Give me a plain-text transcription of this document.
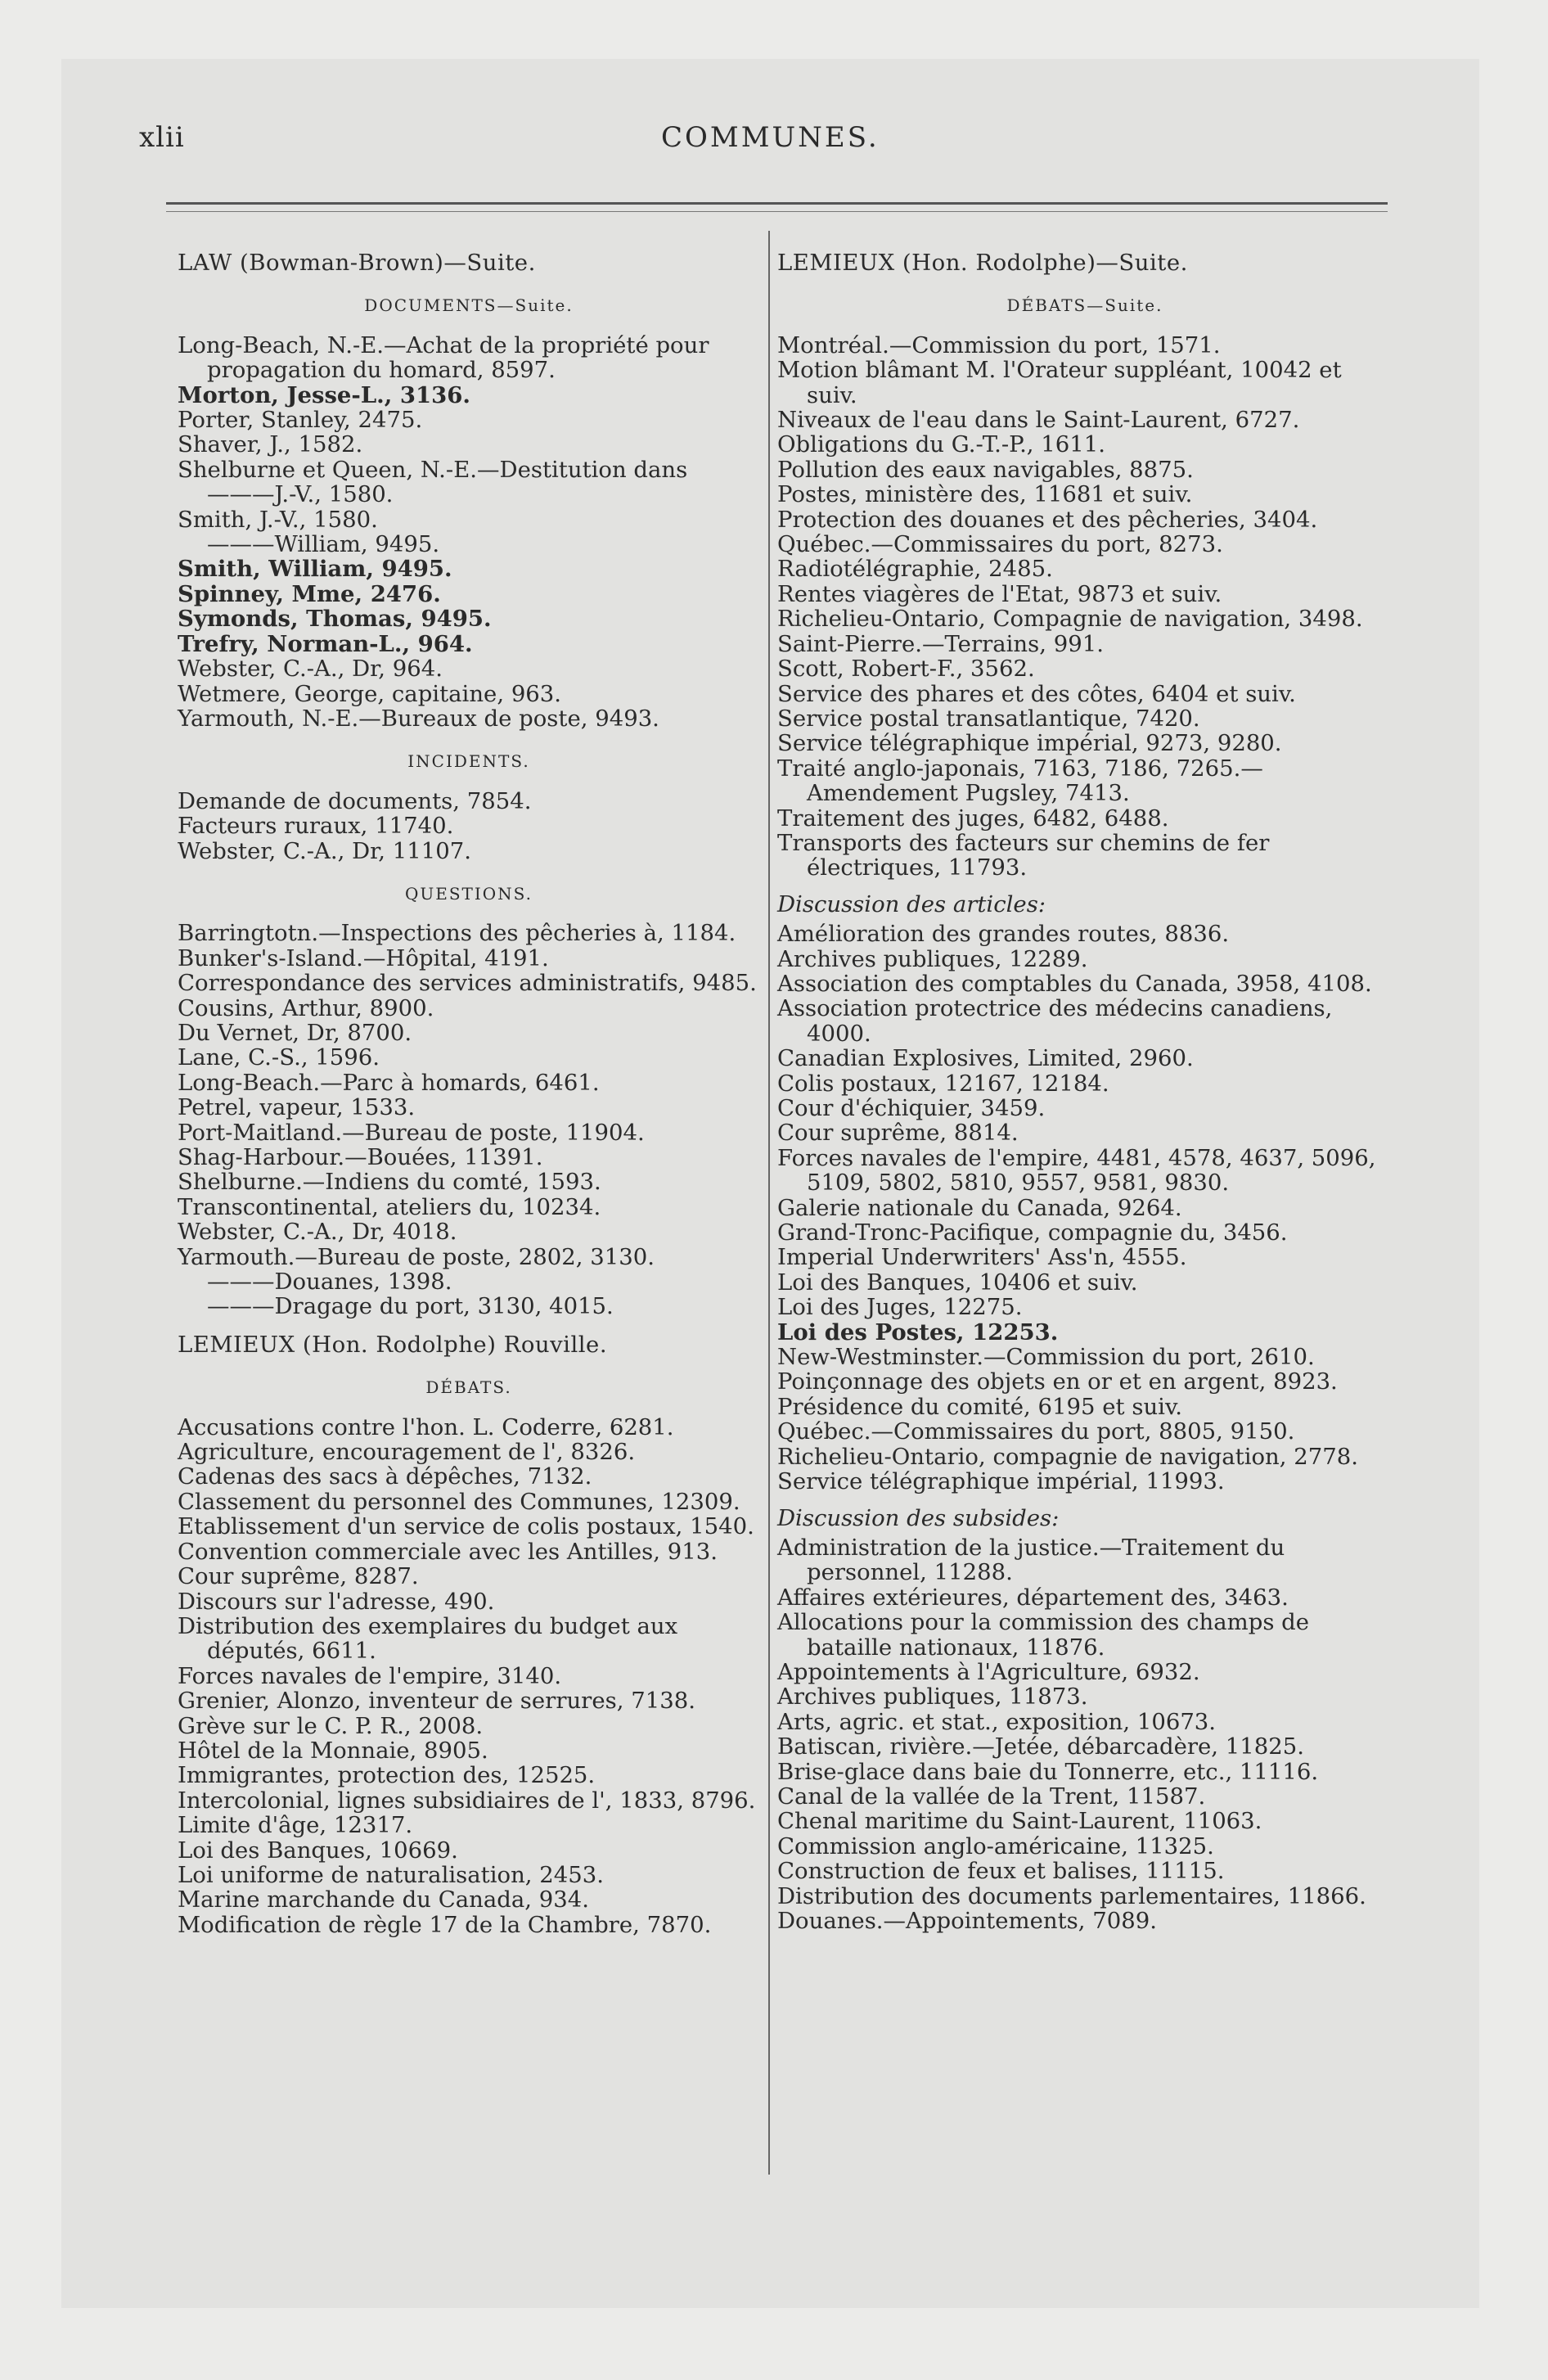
xlii	COMMUNES.

LAW (Bowman-Brown)—Suite.

DOCUMENTS—Suite.

Long-Beach, N.-E.—Achat de la propriété pour propagation du homard, 8597.

Morton, Jesse-L., 3136.

Porter, Stanley, 2475.

Shaver, J., 1582.

Shelburne et Queen, N.-E.—Destitution dans

———J.-V., 1580.

Smith, J.-V., 1580.

———William, 9495.

Smith, William, 9495.

Spinney, Mme, 2476.

Symonds, Thomas, 9495.

Trefry, Norman-L., 964.

Webster, C.-A., Dr, 964.

Wetmere, George, capitaine, 963.

Yarmouth, N.-E.—Bureaux de poste, 9493.

INCIDENTS.

Demande de documents, 7854.

Facteurs ruraux, 11740.

Webster, C.-A., Dr, 11107.

QUESTIONS.

Barringtotn.—Inspections des pêcheries à, 1184.

Bunker's-Island.—Hôpital, 4191.

Correspondance des services administratifs, 9485.

Cousins, Arthur, 8900.

Du Vernet, Dr, 8700.

Lane, C.-S., 1596.

Long-Beach.—Parc à homards, 6461.

Petrel, vapeur, 1533.

Port-Maitland.—Bureau de poste, 11904.

Shag-Harbour.—Bouées, 11391.

Shelburne.—Indiens du comté, 1593.

Transcontinental, ateliers du, 10234.

Webster, C.-A., Dr, 4018.

Yarmouth.—Bureau de poste, 2802, 3130.

———Douanes, 1398.

———Dragage du port, 3130, 4015.

LEMIEUX (Hon. Rodolphe) Rouville.

DÉBATS.

Accusations contre l'hon. L. Coderre, 6281.

Agriculture, encouragement de l', 8326.

Cadenas des sacs à dépêches, 7132.

Classement du personnel des Communes, 12309.

Etablissement d'un service de colis postaux, 1540.

Convention commerciale avec les Antilles, 913.

Cour suprême, 8287.

Discours sur l'adresse, 490.

Distribution des exemplaires du budget aux députés, 6611.

Forces navales de l'empire, 3140.

Grenier, Alonzo, inventeur de serrures, 7138.

Grève sur le C. P. R., 2008.

Hôtel de la Monnaie, 8905.

Immigrantes, protection des, 12525.

Intercolonial, lignes subsidiaires de l', 1833, 8796.

Limite d'âge, 12317.

Loi des Banques, 10669.

Loi uniforme de naturalisation, 2453.

Marine marchande du Canada, 934.

Modification de règle 17 de la Chambre, 7870.

LEMIEUX (Hon. Rodolphe)—Suite.

DÉBATS—Suite.

Montréal.—Commission du port, 1571.

Motion blâmant M. l'Orateur suppléant, 10042 et suiv.

Niveaux de l'eau dans le Saint-Laurent, 6727.

Obligations du G.-T.-P., 1611.

Pollution des eaux navigables, 8875.

Postes, ministère des, 11681 et suiv.

Protection des douanes et des pêcheries, 3404.

Québec.—Commissaires du port, 8273.

Radiotélégraphie, 2485.

Rentes viagères de l'Etat, 9873 et suiv.

Richelieu-Ontario, Compagnie de navigation, 3498.

Saint-Pierre.—Terrains, 991.

Scott, Robert-F., 3562.

Service des phares et des côtes, 6404 et suiv.

Service postal transatlantique, 7420.

Service télégraphique impérial, 9273, 9280.

Traité anglo-japonais, 7163, 7186, 7265.— Amendement Pugsley, 7413.

Traitement des juges, 6482, 6488.

Transports des facteurs sur chemins de fer électriques, 11793.

Discussion des articles:

Amélioration des grandes routes, 8836.

Archives publiques, 12289.

Association des comptables du Canada, 3958, 4108.

Association protectrice des médecins canadiens, 4000.

Canadian Explosives, Limited, 2960.

Colis postaux, 12167, 12184.

Cour d'échiquier, 3459.

Cour suprême, 8814.

Forces navales de l'empire, 4481, 4578, 4637, 5096, 5109, 5802, 5810, 9557, 9581, 9830.

Galerie nationale du Canada, 9264.

Grand-Tronc-Pacifique, compagnie du, 3456.

Imperial Underwriters' Ass'n, 4555.

Loi des Banques, 10406 et suiv.

Loi des Juges, 12275.

Loi des Postes, 12253.

New-Westminster.—Commission du port, 2610.

Poinçonnage des objets en or et en argent, 8923.

Présidence du comité, 6195 et suiv.

Québec.—Commissaires du port, 8805, 9150.

Richelieu-Ontario, compagnie de navigation, 2778.

Service télégraphique impérial, 11993.

Discussion des subsides:

Administration de la justice.—Traitement du personnel, 11288.

Affaires extérieures, département des, 3463.

Allocations pour la commission des champs de bataille nationaux, 11876.

Appointements à l'Agriculture, 6932.

Archives publiques, 11873.

Arts, agric. et stat., exposition, 10673.

Batiscan, rivière.—Jetée, débarcadère, 11825.

Brise-glace dans baie du Tonnerre, etc., 11116.

Canal de la vallée de la Trent, 11587.

Chenal maritime du Saint-Laurent, 11063.

Commission anglo-américaine, 11325.

Construction de feux et balises, 11115.

Distribution des documents parlementaires, 11866.

Douanes.—Appointements, 7089.
